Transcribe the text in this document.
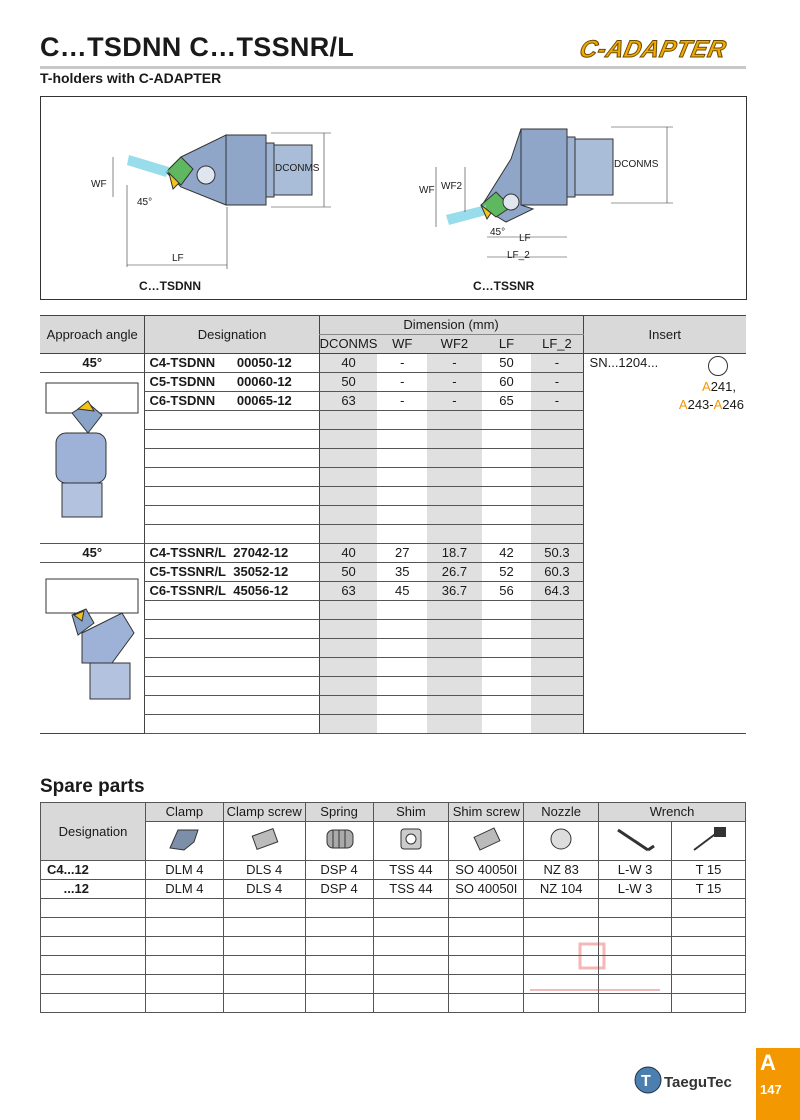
C…TSDNN C…TSSNR/L
T-holders with C-ADAPTER
C-ADAPTER
DCONMS
WF
45°
LF
C…TSDNN
DCONMS
WF WF2
45°
LF
LF_2
C…TSSNR
Approach angle	Designation	Dimension (mm)					Insert
		DCONMS	WF	WF2	LF	LF_2	
45°	C4-TSDNN 00050-12	40	-	-	50	-	SN...1204...
A241,
A243-A246

	C5-TSDNN 00060-12	50	-	-	60	-	
	C6-TSDNN 00065-12	63	-	-	65	-	

45°	C4-TSSNR/L 27042-12	40	27	18.7	42	50.3	
	C5-TSSNR/L 35052-12	50	35	26.7	52	60.3	
	C6-TSSNR/L 45056-12	63	45	36.7	56	64.3	

Spare parts
Designation	Clamp	Clamp screw	Spring	Shim	Shim screw	Nozzle	Wrench	

C4...12	DLM 4	DLS 4	DSP 4	TSS 44	SO 40050I	NZ 83	L-W 3	T 15
...12	DLM 4	DLS 4	DSP 4	TSS 44	SO 40050I	NZ 104	L-W 3	T 15

T TaeguTec
A
147
